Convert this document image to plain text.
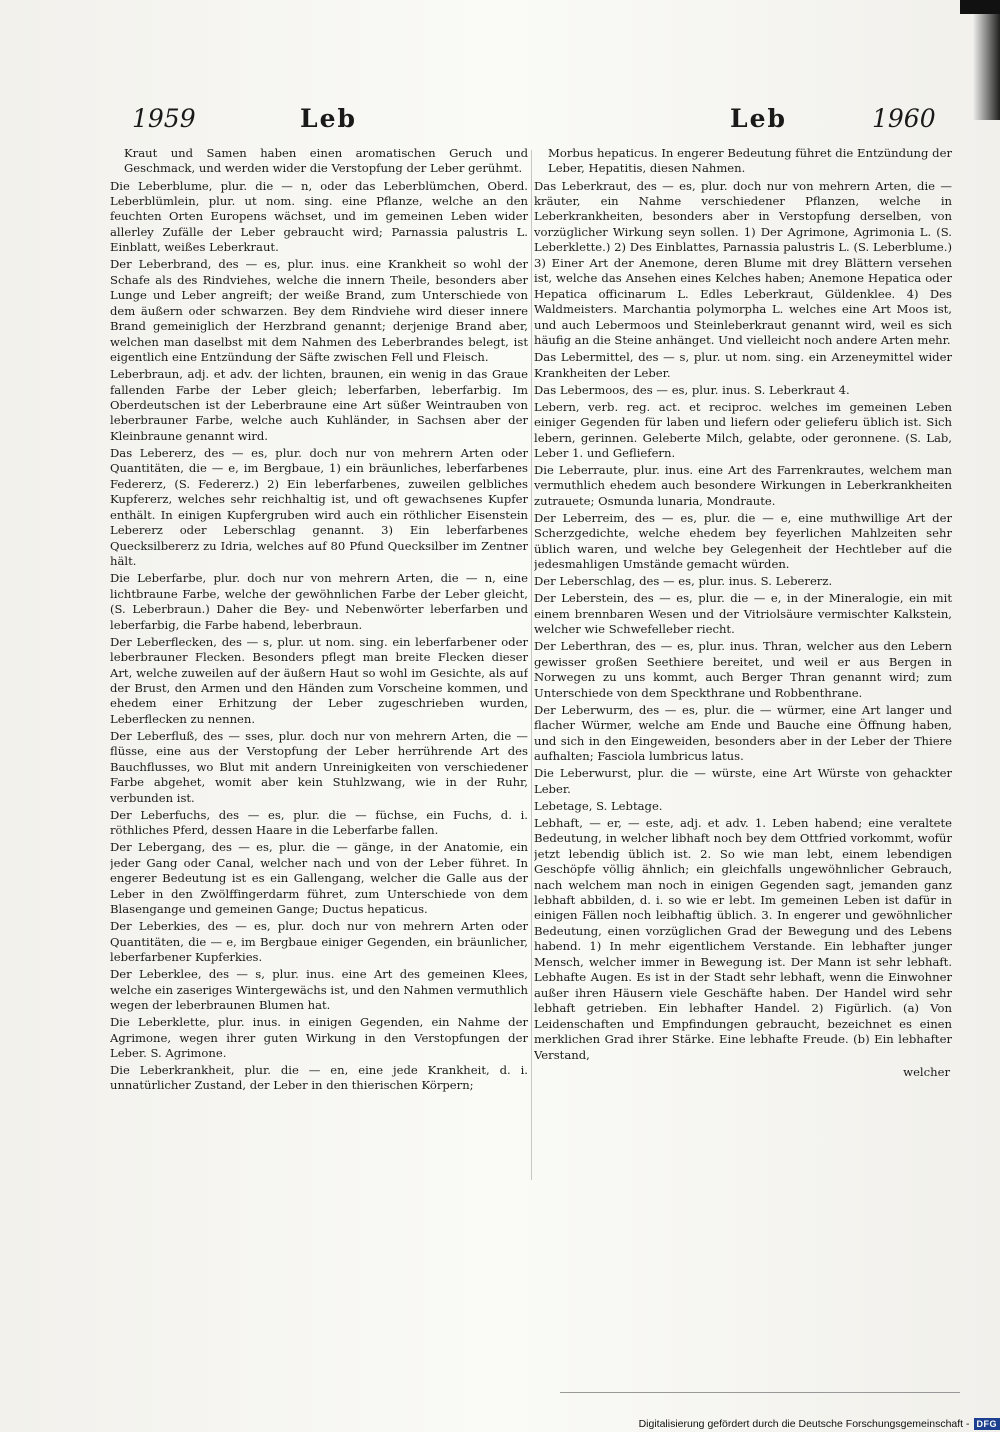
1959	Leb	Leb	1960

Kraut und Samen haben einen aromatischen Geruch und Geschmack, und werden wider die Verstopfung der Leber gerühmt.

Die Leberblume, plur. die — n, oder das Leberblümchen, Oberd. Leberblümlein, plur. ut nom. sing. eine Pflanze, welche an den feuchten Orten Europens wächset, und im gemeinen Leben wider allerley Zufälle der Leber gebraucht wird; Parnassia palustris L. Einblatt, weißes Leberkraut.

Der Leberbrand, des — es, plur. inus. eine Krankheit so wohl der Schafe als des Rindviehes, welche die innern Theile, besonders aber Lunge und Leber angreift; der weiße Brand, zum Unterschiede von dem äußern oder schwarzen. Bey dem Rindviehe wird dieser innere Brand gemeiniglich der Herzbrand genannt; derjenige Brand aber, welchen man daselbst mit dem Nahmen des Leberbrandes belegt, ist eigentlich eine Entzündung der Säfte zwischen Fell und Fleisch.

Leberbraun, adj. et adv. der lichten, braunen, ein wenig in das Graue fallenden Farbe der Leber gleich; leberfarben, leberfarbig. Im Oberdeutschen ist der Leberbraune eine Art süßer Weintrauben von leberbrauner Farbe, welche auch Kuhländer, in Sachsen aber der Kleinbraune genannt wird.

Das Lebererz, des — es, plur. doch nur von mehrern Arten oder Quantitäten, die — e, im Bergbaue, 1) ein bräunliches, leberfarbenes Federerz, (S. Federerz.) 2) Ein leberfarbenes, zuweilen gelbliches Kupfererz, welches sehr reichhaltig ist, und oft gewachsenes Kupfer enthält. In einigen Kupfergruben wird auch ein röthlicher Eisenstein Lebererz oder Leberschlag genannt. 3) Ein leberfarbenes Quecksilbererz zu Idria, welches auf 80 Pfund Quecksilber im Zentner hält.

Die Leberfarbe, plur. doch nur von mehrern Arten, die — n, eine lichtbraune Farbe, welche der gewöhnlichen Farbe der Leber gleicht, (S. Leberbraun.) Daher die Bey- und Nebenwörter leberfarben und leberfarbig, die Farbe habend, leberbraun.

Der Leberflecken, des — s, plur. ut nom. sing. ein leberfarbener oder leberbrauner Flecken. Besonders pflegt man breite Flecken dieser Art, welche zuweilen auf der äußern Haut so wohl im Gesichte, als auf der Brust, den Armen und den Händen zum Vorscheine kommen, und ehedem einer Erhitzung der Leber zugeschrieben wurden, Leberflecken zu nennen.

Der Leberfluß, des — sses, plur. doch nur von mehrern Arten, die — flüsse, eine aus der Verstopfung der Leber herrührende Art des Bauchflusses, wo Blut mit andern Unreinigkeiten von verschiedener Farbe abgehet, womit aber kein Stuhlzwang, wie in der Ruhr, verbunden ist.

Der Leberfuchs, des — es, plur. die — füchse, ein Fuchs, d. i. röthliches Pferd, dessen Haare in die Leberfarbe fallen.

Der Lebergang, des — es, plur. die — gänge, in der Anatomie, ein jeder Gang oder Canal, welcher nach und von der Leber führet. In engerer Bedeutung ist es ein Gallengang, welcher die Galle aus der Leber in den Zwölffingerdarm führet, zum Unterschiede von dem Blasengange und gemeinen Gange; Ductus hepaticus.

Der Leberkies, des — es, plur. doch nur von mehrern Arten oder Quantitäten, die — e, im Bergbaue einiger Gegenden, ein bräunlicher, leberfarbener Kupferkies.

Der Leberklee, des — s, plur. inus. eine Art des gemeinen Klees, welche ein zaseriges Wintergewächs ist, und den Nahmen vermuthlich wegen der leberbraunen Blumen hat.

Die Leberklette, plur. inus. in einigen Gegenden, ein Nahme der Agrimone, wegen ihrer guten Wirkung in den Verstopfungen der Leber. S. Agrimone.

Die Leberkrankheit, plur. die — en, eine jede Krankheit, d. i. unnatürlicher Zustand, der Leber in den thierischen Körpern;

Morbus hepaticus. In engerer Bedeutung führet die Entzündung der Leber, Hepatitis, diesen Nahmen.

Das Leberkraut, des — es, plur. doch nur von mehrern Arten, die — kräuter, ein Nahme verschiedener Pflanzen, welche in Leberkrankheiten, besonders aber in Verstopfung derselben, von vorzüglicher Wirkung seyn sollen. 1) Der Agrimone, Agrimonia L. (S. Leberklette.) 2) Des Einblattes, Parnassia palustris L. (S. Leberblume.) 3) Einer Art der Anemone, deren Blume mit drey Blättern versehen ist, welche das Ansehen eines Kelches haben; Anemone Hepatica oder Hepatica officinarum L. Edles Leberkraut, Güldenklee. 4) Des Waldmeisters. Marchantia polymorpha L. welches eine Art Moos ist, und auch Lebermoos und Steinleberkraut genannt wird, weil es sich häufig an die Steine anhänget. Und vielleicht noch andere Arten mehr.

Das Lebermittel, des — s, plur. ut nom. sing. ein Arzeneymittel wider Krankheiten der Leber.

Das Lebermoos, des — es, plur. inus. S. Leberkraut 4.

Lebern, verb. reg. act. et reciproc. welches im gemeinen Leben einiger Gegenden für laben und liefern oder gelieferu üblich ist. Sich lebern, gerinnen. Geleberte Milch, gelabte, oder geronnene. (S. Lab, Leber 1. und Gefliefern.

Die Leberraute, plur. inus. eine Art des Farrenkrautes, welchem man vermuthlich ehedem auch besondere Wirkungen in Leberkrankheiten zutrauete; Osmunda lunaria, Mondraute.

Der Leberreim, des — es, plur. die — e, eine muthwillige Art der Scherzgedichte, welche ehedem bey feyerlichen Mahlzeiten sehr üblich waren, und welche bey Gelegenheit der Hechtleber auf die jedesmahligen Umstände gemacht würden.

Der Leberschlag, des — es, plur. inus. S. Lebererz.

Der Leberstein, des — es, plur. die — e, in der Mineralogie, ein mit einem brennbaren Wesen und der Vitriolsäure vermischter Kalkstein, welcher wie Schwefelleber riecht.

Der Leberthran, des — es, plur. inus. Thran, welcher aus den Lebern gewisser großen Seethiere bereitet, und weil er aus Bergen in Norwegen zu uns kommt, auch Berger Thran genannt wird; zum Unterschiede von dem Speckthrane und Robbenthrane.

Der Leberwurm, des — es, plur. die — würmer, eine Art langer und flacher Würmer, welche am Ende und Bauche eine Öffnung haben, und sich in den Eingeweiden, besonders aber in der Leber der Thiere aufhalten; Fasciola lumbricus latus.

Die Leberwurst, plur. die — würste, eine Art Würste von gehackter Leber.

Lebetage, S. Lebtage.

Lebhaft, — er, — este, adj. et adv. 1. Leben habend; eine veraltete Bedeutung, in welcher libhaft noch bey dem Ottfried vorkommt, wofür jetzt lebendig üblich ist. 2. So wie man lebt, einem lebendigen Geschöpfe völlig ähnlich; ein gleichfalls ungewöhnlicher Gebrauch, nach welchem man noch in einigen Gegenden sagt, jemanden ganz lebhaft abbilden, d. i. so wie er lebt. Im gemeinen Leben ist dafür in einigen Fällen noch leibhaftig üblich. 3. In engerer und gewöhnlicher Bedeutung, einen vorzüglichen Grad der Bewegung und des Lebens habend. 1) In mehr eigentlichem Verstande. Ein lebhafter junger Mensch, welcher immer in Bewegung ist. Der Mann ist sehr lebhaft. Lebhafte Augen. Es ist in der Stadt sehr lebhaft, wenn die Einwohner außer ihren Häusern viele Geschäfte haben. Der Handel wird sehr lebhaft getrieben. Ein lebhafter Handel. 2) Figürlich. (a) Von Leidenschaften und Empfindungen gebraucht, bezeichnet es einen merklichen Grad ihrer Stärke. Eine lebhafte Freude. (b) Ein lebhafter Verstand,

welcher

Digitalisierung gefördert durch die Deutsche Forschungsgemeinschaft - DFG
